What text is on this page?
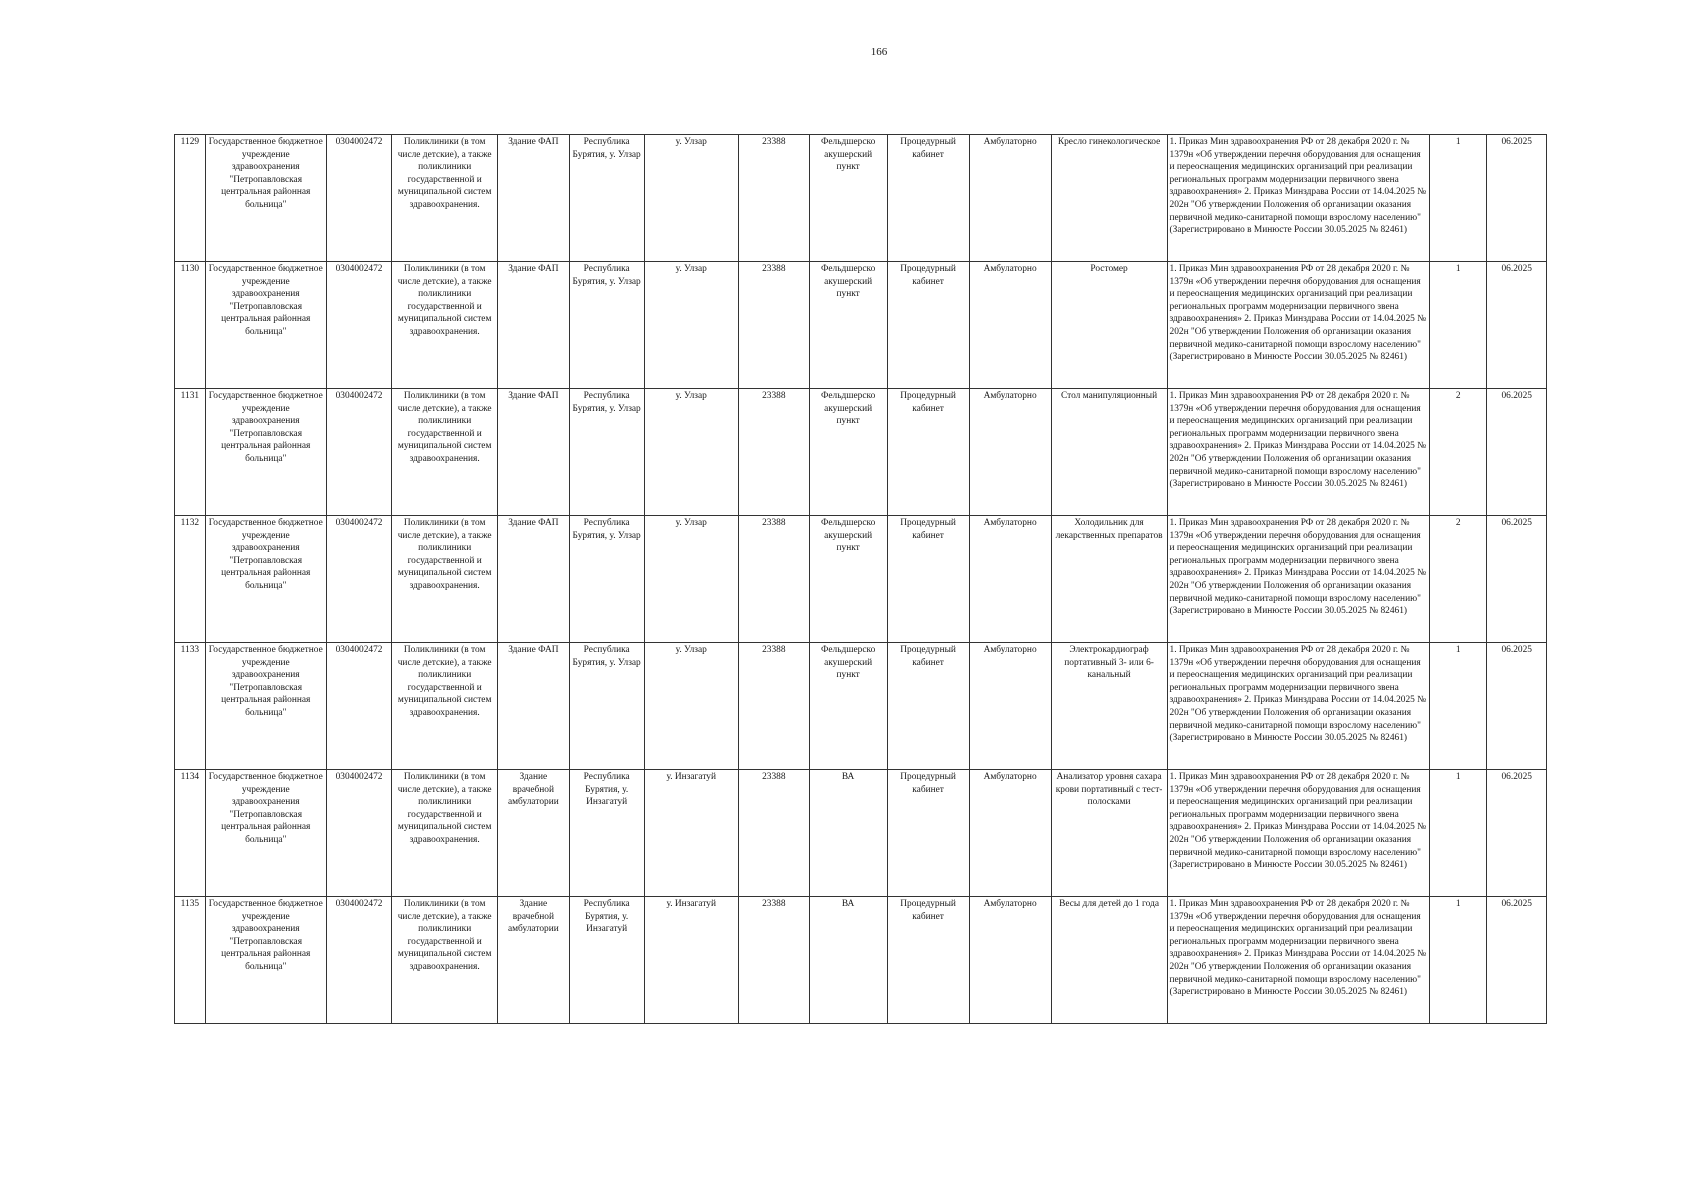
166
1129	Государственное бюджетное учреждение здравоохранения "Петропавловская центральная районная больница"	0304002472	Поликлиники (в том числе детские), а также поликлиники государственной и муниципальной систем здравоохранения.	Здание ФАП	Республика Бурятия, у. Улзар	у. Улзар	23388	Фельдшерско акушерский пункт	Процедурный кабинет	Амбулаторно	Кресло гинекологическое	1. Приказ Мин здравоохранения РФ от 28 декабря 2020 г. № 1379н «Об утверждении перечня оборудования для оснащения и переоснащения медицинских организаций при реализации региональных программ модернизации первичного звена здравоохранения» 2. Приказ Минздрава России от 14.04.2025 № 202н "Об утверждении Положения об организации оказания первичной медико-санитарной помощи взрослому населению" (Зарегистрировано в Минюсте России 30.05.2025 № 82461)	1	06.2025
1130	Государственное бюджетное учреждение здравоохранения "Петропавловская центральная районная больница"	0304002472	Поликлиники (в том числе детские), а также поликлиники государственной и муниципальной систем здравоохранения.	Здание ФАП	Республика Бурятия, у. Улзар	у. Улзар	23388	Фельдшерско акушерский пункт	Процедурный кабинет	Амбулаторно	Ростомер	1. Приказ Мин здравоохранения РФ от 28 декабря 2020 г. № 1379н «Об утверждении перечня оборудования для оснащения и переоснащения медицинских организаций при реализации региональных программ модернизации первичного звена здравоохранения» 2. Приказ Минздрава России от 14.04.2025 № 202н "Об утверждении Положения об организации оказания первичной медико-санитарной помощи взрослому населению" (Зарегистрировано в Минюсте России 30.05.2025 № 82461)	1	06.2025
1131	Государственное бюджетное учреждение здравоохранения "Петропавловская центральная районная больница"	0304002472	Поликлиники (в том числе детские), а также поликлиники государственной и муниципальной систем здравоохранения.	Здание ФАП	Республика Бурятия, у. Улзар	у. Улзар	23388	Фельдшерско акушерский пункт	Процедурный кабинет	Амбулаторно	Стол манипуляционный	1. Приказ Мин здравоохранения РФ от 28 декабря 2020 г. № 1379н «Об утверждении перечня оборудования для оснащения и переоснащения медицинских организаций при реализации региональных программ модернизации первичного звена здравоохранения» 2. Приказ Минздрава России от 14.04.2025 № 202н "Об утверждении Положения об организации оказания первичной медико-санитарной помощи взрослому населению" (Зарегистрировано в Минюсте России 30.05.2025 № 82461)	2	06.2025
1132	Государственное бюджетное учреждение здравоохранения "Петропавловская центральная районная больница"	0304002472	Поликлиники (в том числе детские), а также поликлиники государственной и муниципальной систем здравоохранения.	Здание ФАП	Республика Бурятия, у. Улзар	у. Улзар	23388	Фельдшерско акушерский пункт	Процедурный кабинет	Амбулаторно	Холодильник для лекарственных препаратов	1. Приказ Мин здравоохранения РФ от 28 декабря 2020 г. № 1379н «Об утверждении перечня оборудования для оснащения и переоснащения медицинских организаций при реализации региональных программ модернизации первичного звена здравоохранения» 2. Приказ Минздрава России от 14.04.2025 № 202н "Об утверждении Положения об организации оказания первичной медико-санитарной помощи взрослому населению" (Зарегистрировано в Минюсте России 30.05.2025 № 82461)	2	06.2025
1133	Государственное бюджетное учреждение здравоохранения "Петропавловская центральная районная больница"	0304002472	Поликлиники (в том числе детские), а также поликлиники государственной и муниципальной систем здравоохранения.	Здание ФАП	Республика Бурятия, у. Улзар	у. Улзар	23388	Фельдшерско акушерский пункт	Процедурный кабинет	Амбулаторно	Электрокардиограф портативный 3- или 6-канальный	1. Приказ Мин здравоохранения РФ от 28 декабря 2020 г. № 1379н «Об утверждении перечня оборудования для оснащения и переоснащения медицинских организаций при реализации региональных программ модернизации первичного звена здравоохранения» 2. Приказ Минздрава России от 14.04.2025 № 202н "Об утверждении Положения об организации оказания первичной медико-санитарной помощи взрослому населению" (Зарегистрировано в Минюсте России 30.05.2025 № 82461)	1	06.2025
1134	Государственное бюджетное учреждение здравоохранения "Петропавловская центральная районная больница"	0304002472	Поликлиники (в том числе детские), а также поликлиники государственной и муниципальной систем здравоохранения.	Здание врачебной амбулатории	Республика Бурятия, у. Инзагатуй	у. Инзагатуй	23388	ВА	Процедурный кабинет	Амбулаторно	Анализатор уровня сахара крови портативный с тест-полосками	1. Приказ Мин здравоохранения РФ от 28 декабря 2020 г. № 1379н «Об утверждении перечня оборудования для оснащения и переоснащения медицинских организаций при реализации региональных программ модернизации первичного звена здравоохранения» 2. Приказ Минздрава России от 14.04.2025 № 202н "Об утверждении Положения об организации оказания первичной медико-санитарной помощи взрослому населению" (Зарегистрировано в Минюсте России 30.05.2025 № 82461)	1	06.2025
1135	Государственное бюджетное учреждение здравоохранения "Петропавловская центральная районная больница"	0304002472	Поликлиники (в том числе детские), а также поликлиники государственной и муниципальной систем здравоохранения.	Здание врачебной амбулатории	Республика Бурятия, у. Инзагатуй	у. Инзагатуй	23388	ВА	Процедурный кабинет	Амбулаторно	Весы для детей до 1 года	1. Приказ Мин здравоохранения РФ от 28 декабря 2020 г. № 1379н «Об утверждении перечня оборудования для оснащения и переоснащения медицинских организаций при реализации региональных программ модернизации первичного звена здравоохранения» 2. Приказ Минздрава России от 14.04.2025 № 202н "Об утверждении Положения об организации оказания первичной медико-санитарной помощи взрослому населению" (Зарегистрировано в Минюсте России 30.05.2025 № 82461)	1	06.2025
